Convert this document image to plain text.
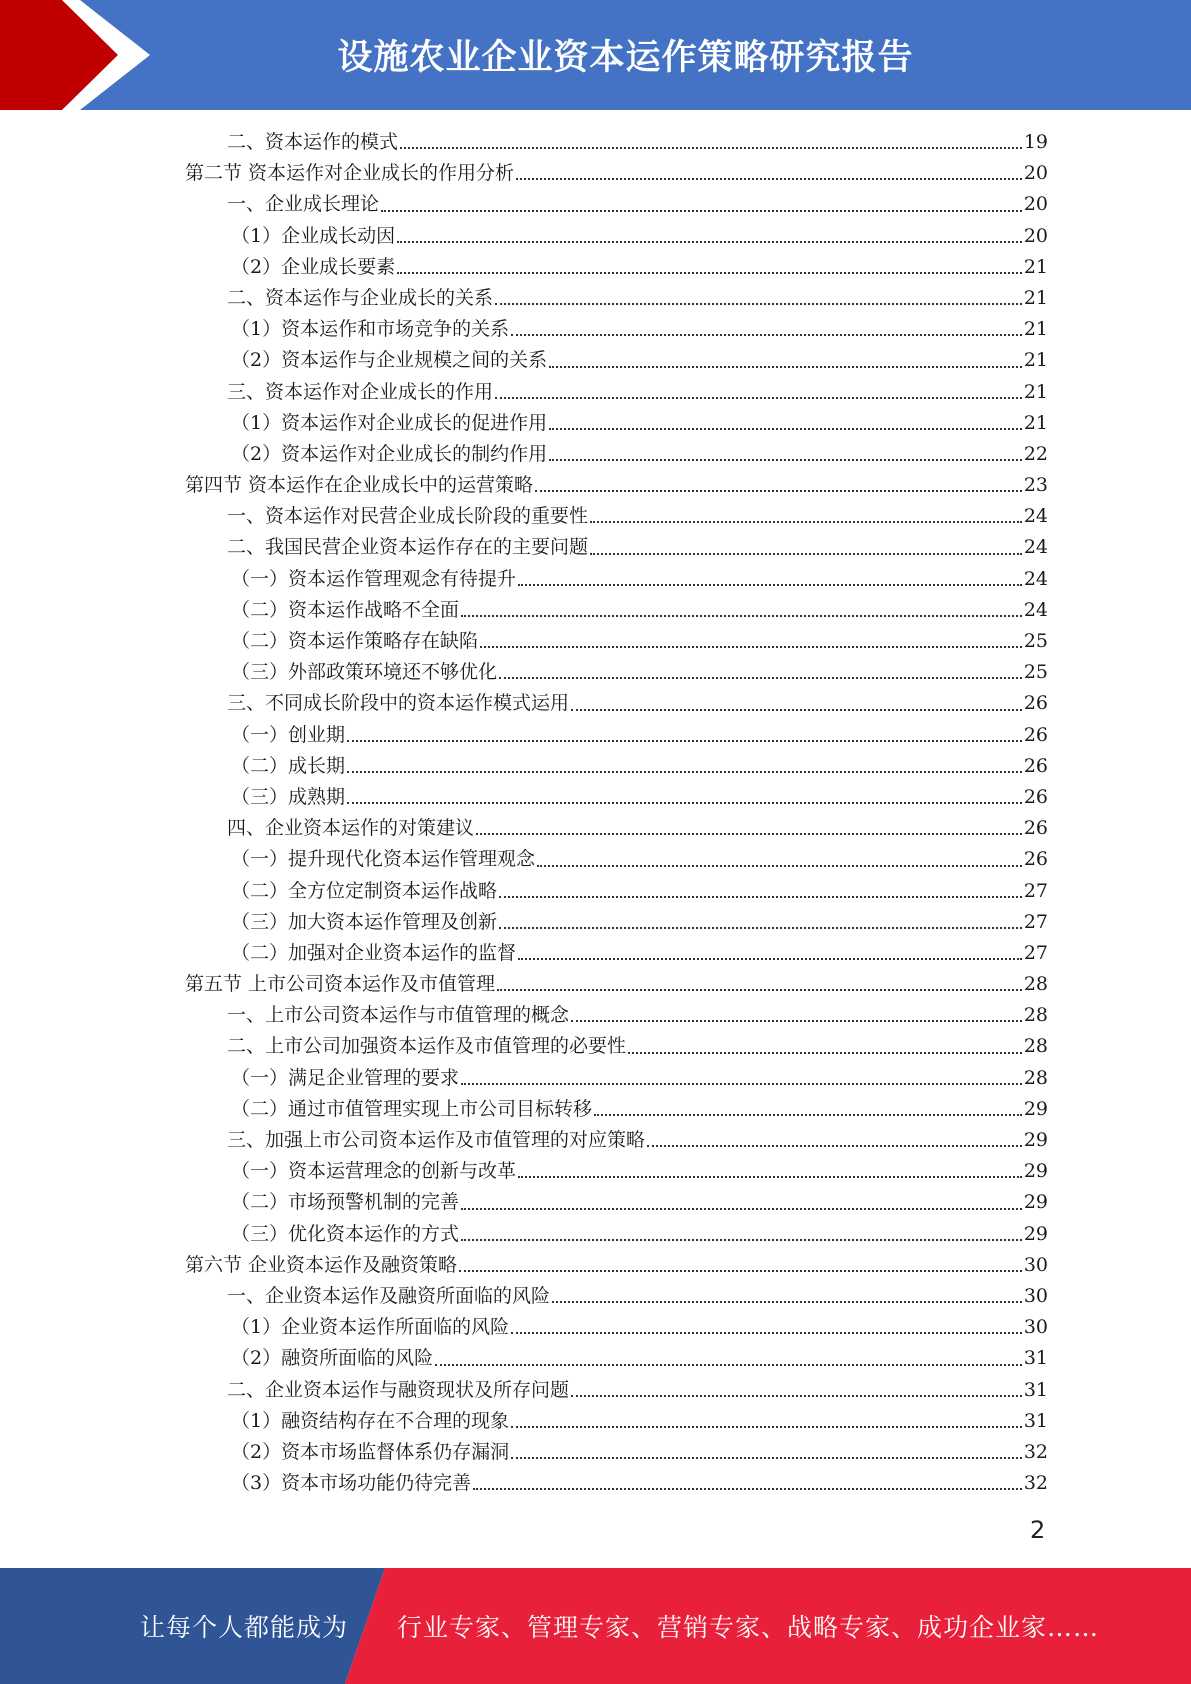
设施农业企业资本运作策略研究报告
二、资本运作的模式	19
第二节 资本运作对企业成长的作用分析	20
一、企业成长理论	20
（1）企业成长动因	20
（2）企业成长要素	21
二、资本运作与企业成长的关系	21
（1）资本运作和市场竞争的关系	21
（2）资本运作与企业规模之间的关系	21
三、资本运作对企业成长的作用	21
（1）资本运作对企业成长的促进作用	21
（2）资本运作对企业成长的制约作用	22
第四节 资本运作在企业成长中的运营策略	23
一、资本运作对民营企业成长阶段的重要性	24
二、我国民营企业资本运作存在的主要问题	24
（一）资本运作管理观念有待提升	24
（二）资本运作战略不全面	24
（二）资本运作策略存在缺陷	25
（三）外部政策环境还不够优化	25
三、不同成长阶段中的资本运作模式运用	26
（一）创业期	26
（二）成长期	26
（三）成熟期	26
四、企业资本运作的对策建议	26
（一）提升现代化资本运作管理观念	26
（二）全方位定制资本运作战略	27
（三）加大资本运作管理及创新	27
（二）加强对企业资本运作的监督	27
第五节 上市公司资本运作及市值管理	28
一、上市公司资本运作与市值管理的概念	28
二、上市公司加强资本运作及市值管理的必要性	28
（一）满足企业管理的要求	28
（二）通过市值管理实现上市公司目标转移	29
三、加强上市公司资本运作及市值管理的对应策略	29
（一）资本运营理念的创新与改革	29
（二）市场预警机制的完善	29
（三）优化资本运作的方式	29
第六节 企业资本运作及融资策略	30
一、企业资本运作及融资所面临的风险	30
（1）企业资本运作所面临的风险	30
（2）融资所面临的风险	31
二、企业资本运作与融资现状及所存问题	31
（1）融资结构存在不合理的现象	31
（2）资本市场监督体系仍存漏洞	32
（3）资本市场功能仍待完善	32
2
让每个人都能成为 行业专家、管理专家、营销专家、战略专家、成功企业家……
